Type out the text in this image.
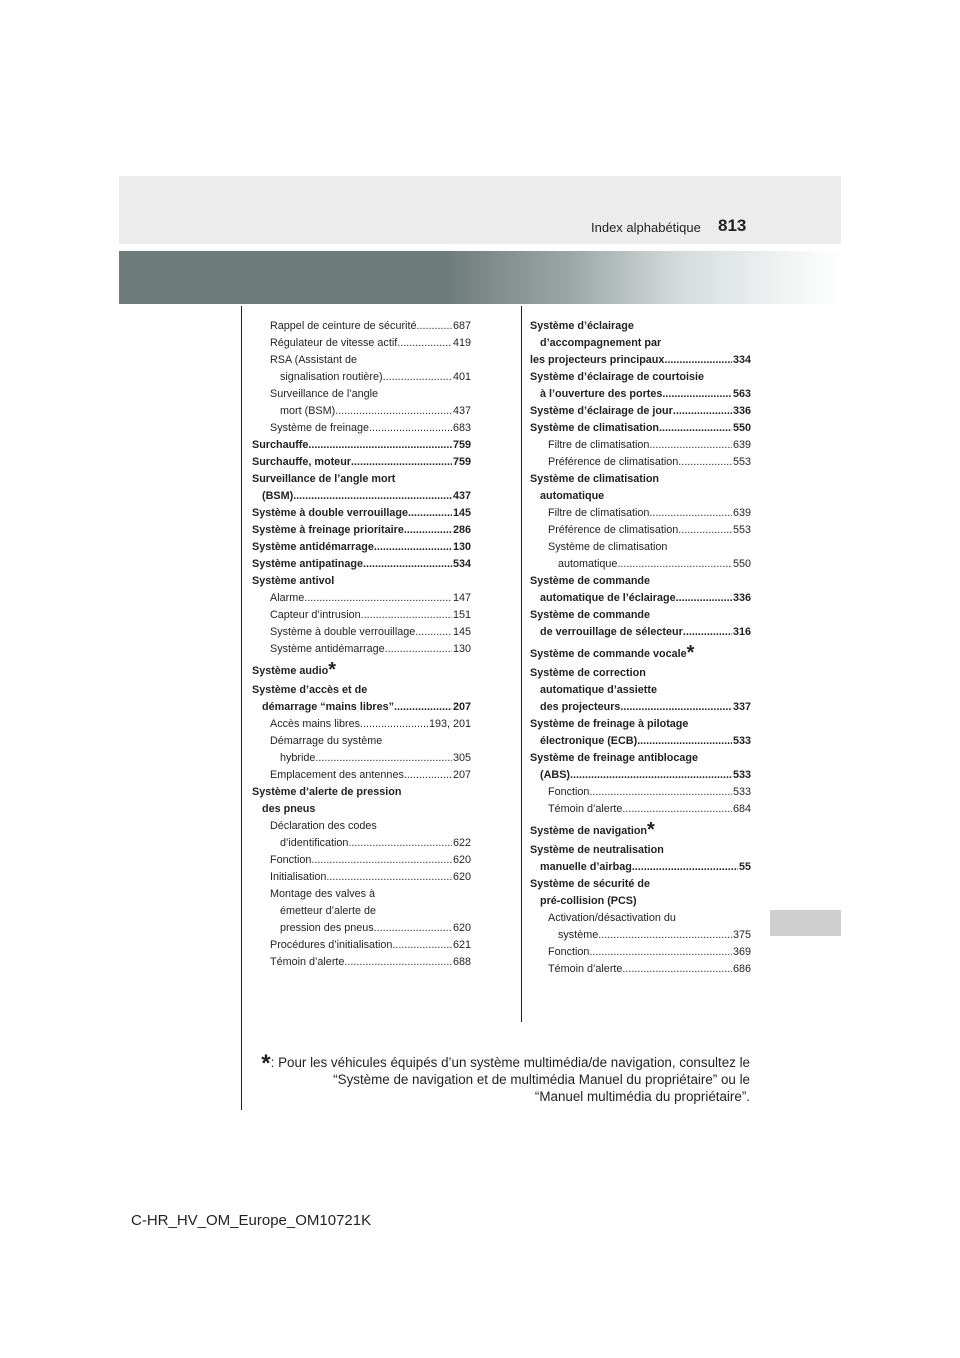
813
Index alphabétique
Rappel de ceinture de sécurité .....	687
Régulateur de vitesse actif .....	419
RSA (Assistant de
signalisation routière) .....	401
Surveillance de l’angle
mort (BSM) .....	437
Système de freinage .....	683
Surchauffe .....	759
Surchauffe, moteur .....	759
Surveillance de l’angle mort
(BSM) .....	437
Système à double verrouillage .....	145
Système à freinage prioritaire .....	286
Système antidémarrage .....	130
Système antipatinage .....	534
Système antivol
Alarme .....	147
Capteur d’intrusion .....	151
Système à double verrouillage .....	145
Système antidémarrage .....	130
Système audio*
Système d’accès et de
démarrage “mains libres” .....	207
Accès mains libres .....	193, 201
Démarrage du système
hybride .....	305
Emplacement des antennes .....	207
Système d’alerte de pression
des pneus
Déclaration des codes
d’identification .....	622
Fonction .....	620
Initialisation .....	620
Montage des valves à
émetteur d’alerte de
pression des pneus .....	620
Procédures d’initialisation .....	621
Témoin d’alerte .....	688
Système d’éclairage
d’accompagnement par
les projecteurs principaux .....	334
Système d’éclairage de courtoisie
à l’ouverture des portes .....	563
Système d’éclairage de jour .....	336
Système de climatisation .....	550
Filtre de climatisation .....	639
Préférence de climatisation .....	553
Système de climatisation
automatique
Filtre de climatisation .....	639
Préférence de climatisation .....	553
Système de climatisation
automatique .....	550
Système de commande
automatique de l’éclairage .....	336
Système de commande
de verrouillage de sélecteur .....	316
Système de commande vocale*
Système de correction
automatique d’assiette
des projecteurs .....	337
Système de freinage à pilotage
électronique (ECB) .....	533
Système de freinage antiblocage
(ABS) .....	533
Fonction .....	533
Témoin d’alerte .....	684
Système de navigation*
Système de neutralisation
manuelle d’airbag .....	55
Système de sécurité de
pré-collision (PCS)
Activation/désactivation du
système .....	375
Fonction .....	369
Témoin d’alerte .....	686
*: Pour les véhicules équipés d’un système multimédia/de navigation, consultez le
“Système de navigation et de multimédia Manuel du propriétaire” ou le
“Manuel multimédia du propriétaire”.
C-HR_HV_OM_Europe_OM10721K
